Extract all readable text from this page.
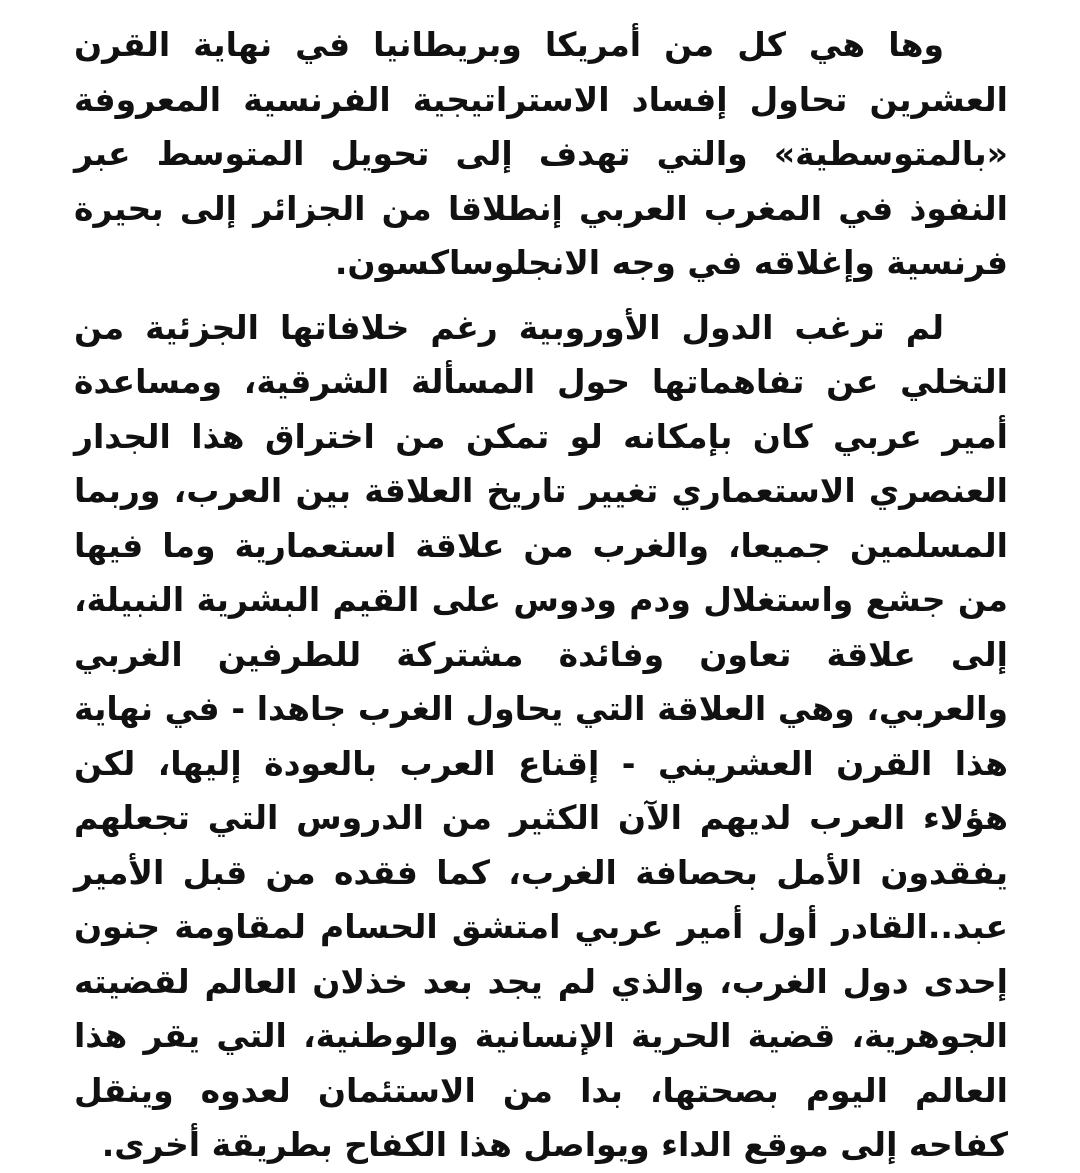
وها هي كل من أمريكا وبريطانيا في نهاية القرن العشرين تحاول إفساد الاستراتيجية الفرنسية المعروفة «بالمتوسطية» والتي تهدف إلى تحويل المتوسط عبر النفوذ في المغرب العربي إنطلاقا من الجزائر إلى بحيرة فرنسية وإغلاقه في وجه الانجلوساكسون.

لم ترغب الدول الأوروبية رغم خلافاتها الجزئية من التخلي عن تفاهماتها حول المسألة الشرقية، ومساعدة أمير عربي كان بإمكانه لو تمكن من اختراق هذا الجدار العنصري الاستعماري تغيير تاريخ العلاقة بين العرب، وربما المسلمين جميعا، والغرب من علاقة استعمارية وما فيها من جشع واستغلال ودم ودوس على القيم البشرية النبيلة، إلى علاقة تعاون وفائدة مشتركة للطرفين الغربي والعربي، وهي العلاقة التي يحاول الغرب جاهدا - في نهاية هذا القرن العشريني - إقناع العرب بالعودة إليها، لكن هؤلاء العرب لديهم الآن الكثير من الدروس التي تجعلهم يفقدون الأمل بحصافة الغرب، كما فقده من قبل الأمير عبد..القادر أول أمير عربي امتشق الحسام لمقاومة جنون إحدى دول الغرب، والذي لم يجد بعد خذلان العالم لقضيته الجوهرية، قضية الحرية الإنسانية والوطنية، التي يقر هذا العالم اليوم بصحتها، بدا من الاستئمان لعدوه وينقل كفاحه إلى موقع الداء ويواصل هذا الكفاح بطريقة أخرى.
